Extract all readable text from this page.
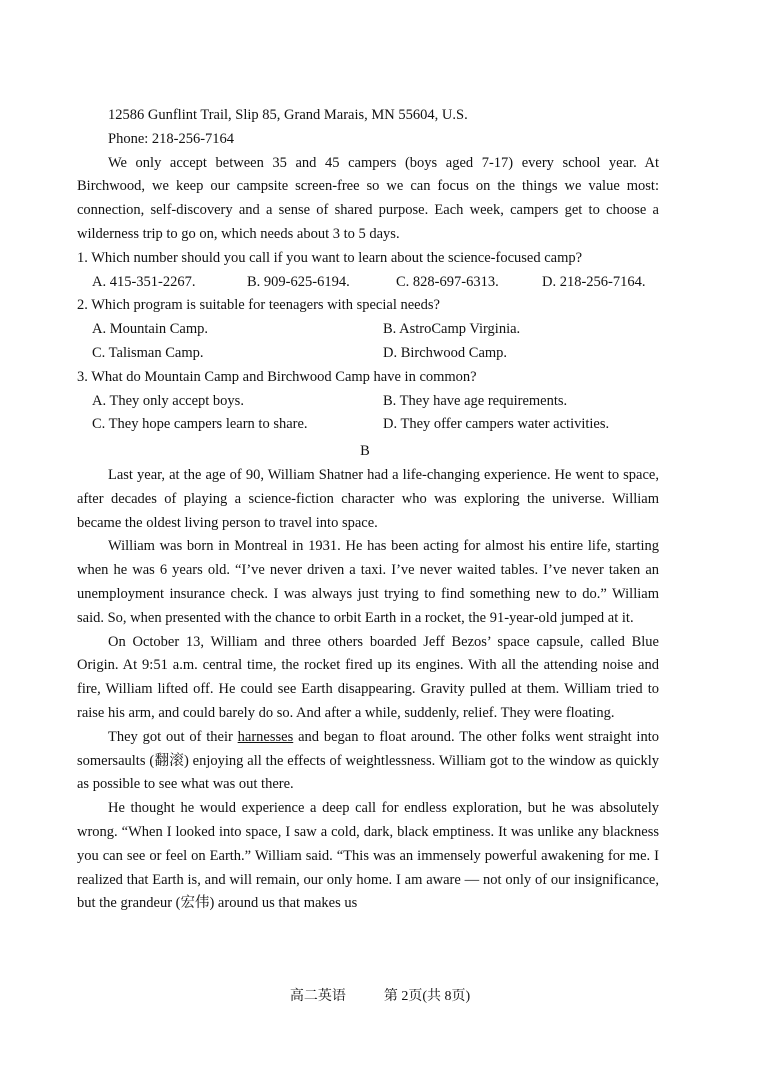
12586 Gunflint Trail, Slip 85, Grand Marais, MN 55604, U.S.

Phone: 218-256-7164

We only accept between 35 and 45 campers (boys aged 7-17) every school year. At Birchwood, we keep our campsite screen-free so we can focus on the things we value most: connection, self-discovery and a sense of shared purpose. Each week, campers get to choose a wilderness trip to go on, which needs about 3 to 5 days.

1. Which number should you call if you want to learn about the science-focused camp?

A. 415-351-2267.	B. 909-625-6194.	C. 828-697-6313.	D. 218-256-7164.

2. Which program is suitable for teenagers with special needs?

A. Mountain Camp.	B. AstroCamp Virginia.
C. Talisman Camp.	D. Birchwood Camp.

3. What do Mountain Camp and Birchwood Camp have in common?

A. They only accept boys.	B. They have age requirements.
C. They hope campers learn to share.	D. They offer campers water activities.

B

Last year, at the age of 90, William Shatner had a life-changing experience. He went to space, after decades of playing a science-fiction character who was exploring the universe. William became the oldest living person to travel into space.

William was born in Montreal in 1931. He has been acting for almost his entire life, starting when he was 6 years old. “I’ve never driven a taxi. I’ve never waited tables. I’ve never taken an unemployment insurance check. I was always just trying to find something new to do.” William said. So, when presented with the chance to orbit Earth in a rocket, the 91-year-old jumped at it.

On October 13, William and three others boarded Jeff Bezos’ space capsule, called Blue Origin. At 9:51 a.m. central time, the rocket fired up its engines. With all the attending noise and fire, William lifted off. He could see Earth disappearing. Gravity pulled at them. William tried to raise his arm, and could barely do so. And after a while, suddenly, relief. They were floating.

They got out of their harnesses and began to float around. The other folks went straight into somersaults (翻滚) enjoying all the effects of weightlessness. William got to the window as quickly as possible to see what was out there.

He thought he would experience a deep call for endless exploration, but he was absolutely wrong. “When I looked into space, I saw a cold, dark, black emptiness. It was unlike any blackness you can see or feel on Earth.” William said. “This was an immensely powerful awakening for me. I realized that Earth is, and will remain, our only home. I am aware — not only of our insignificance, but the grandeur (宏伟) around us that makes us

高二英语	第 2页(共 8页)
